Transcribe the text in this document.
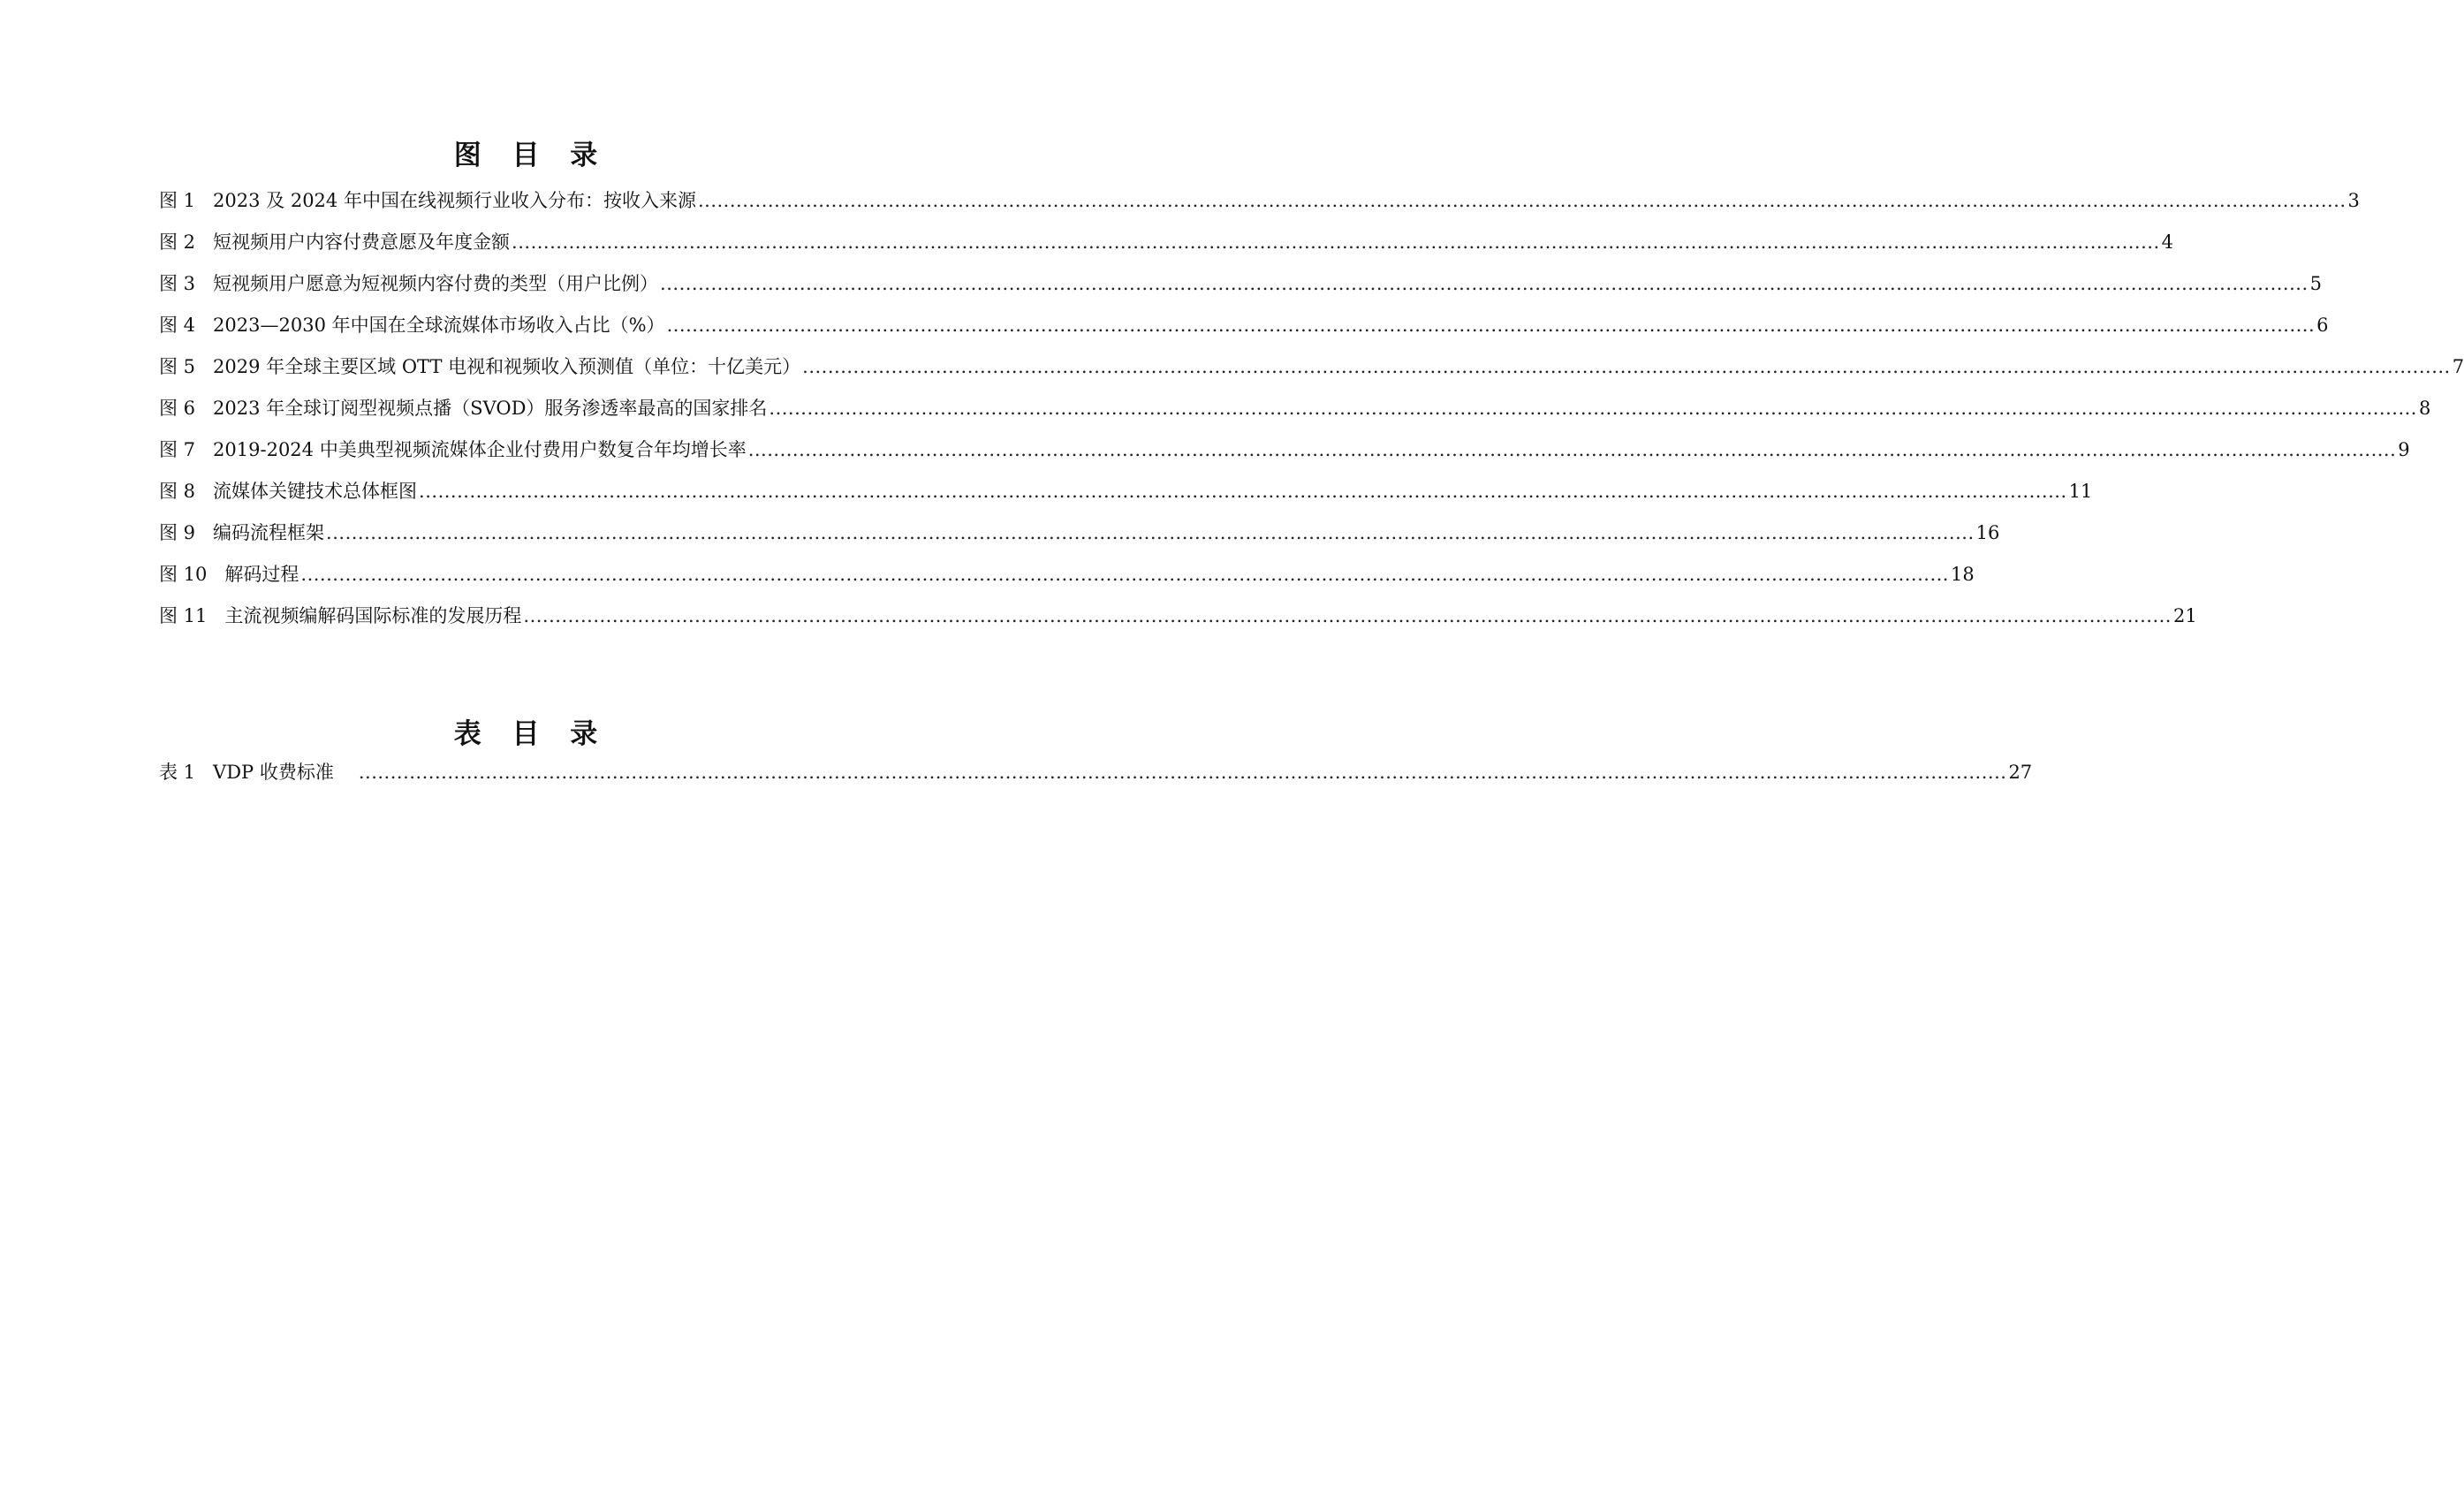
图 目 录
图 1 2023 及 2024 年中国在线视频行业收入分布：按收入来源 .....	3
图 2 短视频用户内容付费意愿及年度金额 .....	4
图 3 短视频用户愿意为短视频内容付费的类型（用户比例） .....	5
图 4 2023—2030 年中国在全球流媒体市场收入占比（%） .....	6
图 5 2029 年全球主要区域 OTT 电视和视频收入预测值（单位：十亿美元） .....	7
图 6 2023 年全球订阅型视频点播（SVOD）服务渗透率最高的国家排名 .....	8
图 7 2019-2024 中美典型视频流媒体企业付费用户数复合年均增长率 .....	9
图 8 流媒体关键技术总体框图 .....	11
图 9 编码流程框架 .....	16
图 10 解码过程 .....	18
图 11 主流视频编解码国际标准的发展历程 .....	21
表 目 录
表 1 VDP 收费标准 .....	27
